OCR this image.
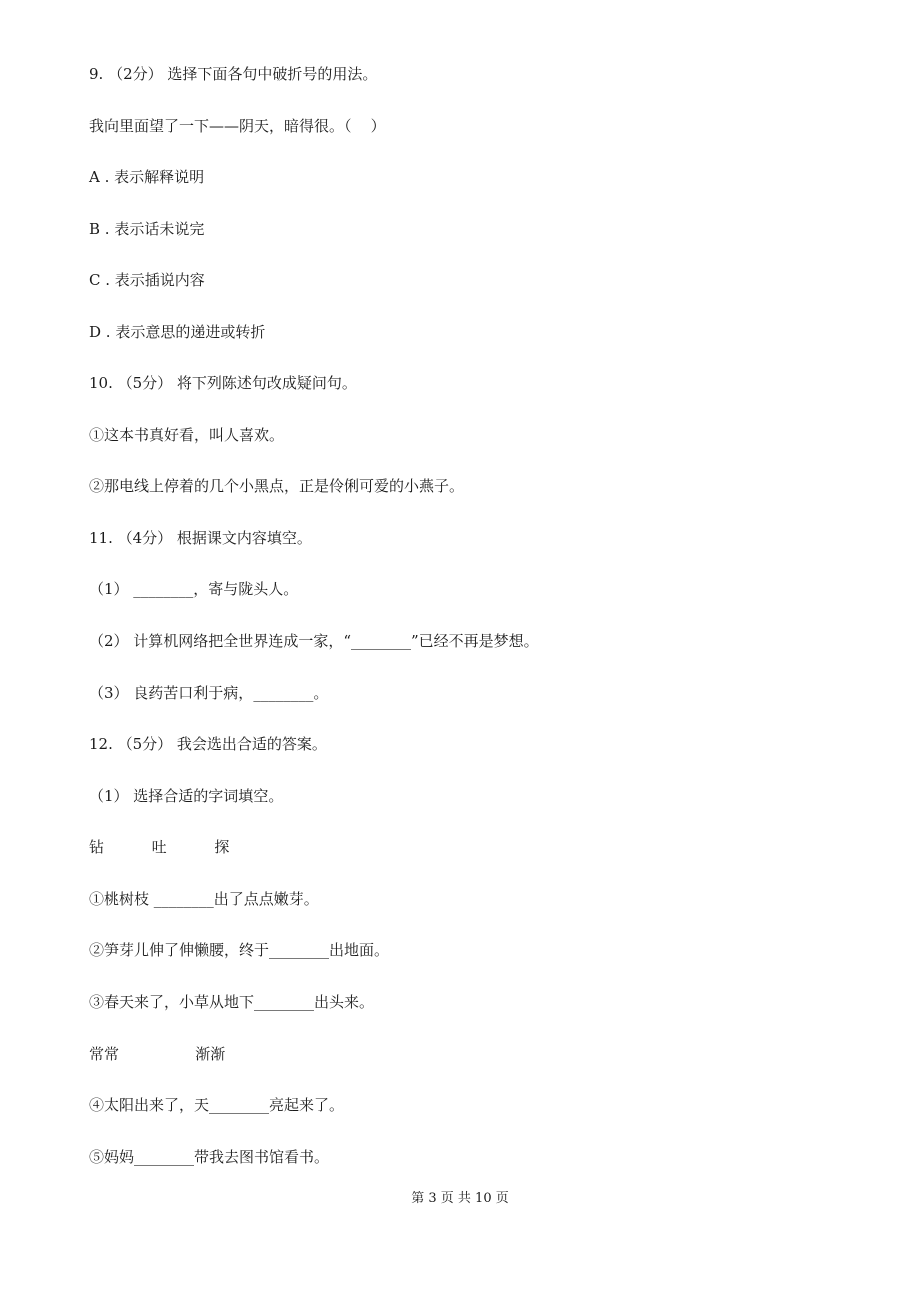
9. （2分） 选择下面各句中破折号的用法。

我向里面望了一下——阴天，暗得很。（    ）

A . 表示解释说明

B . 表示话未说完

C . 表示插说内容

D . 表示意思的递进或转折

10. （5分） 将下列陈述句改成疑问句。

①这本书真好看，叫人喜欢。

②那电线上停着的几个小黑点，正是伶俐可爱的小燕子。

11. （4分） 根据课文内容填空。

（1） ________，寄与陇头人。

（2） 计算机网络把全世界连成一家，“________”已经不再是梦想。

（3） 良药苦口利于病，________。

12. （5分） 我会选出合适的答案。

（1） 选择合适的字词填空。

钻          吐          探

①桃树枝 ________出了点点嫩芽。

②笋芽儿伸了伸懒腰，终于________出地面。

③春天来了，小草从地下________出头来。

常常                渐渐

④太阳出来了，天________亮起来了。

⑤妈妈________带我去图书馆看书。

第 3 页 共 10 页
